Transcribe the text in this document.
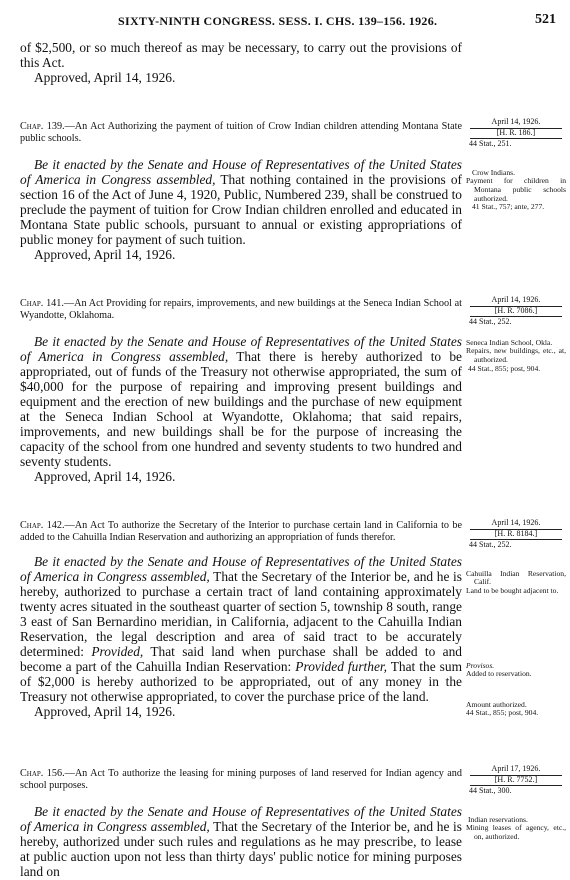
SIXTY-NINTH CONGRESS. SESS. I. CHS. 139–156. 1926.	521

of $2,500, or so much thereof as may be necessary, to carry out the provisions of this Act.

Approved, April 14, 1926.

Chap. 139.—An Act Authorizing the payment of tuition of Crow Indian children attending Montana State public schools.

Be it enacted by the Senate and House of Representatives of the United States of America in Congress assembled, That nothing contained in the provisions of section 16 of the Act of June 4, 1920, Public, Numbered 239, shall be construed to preclude the payment of tuition for Crow Indian children enrolled and educated in Montana State public schools, pursuant to annual or existing appropriations of public money for payment of such tuition.

Approved, April 14, 1926.

April 14, 1926.
[H. R. 186.]
44 Stat., 251.
Crow Indians.
Payment for children in Montana public schools authorized.
41 Stat., 757; ante, 277.
Chap. 141.—An Act Providing for repairs, improvements, and new buildings at the Seneca Indian School at Wyandotte, Oklahoma.

Be it enacted by the Senate and House of Representatives of the United States of America in Congress assembled, That there is hereby authorized to be appropriated, out of funds of the Treasury not otherwise appropriated, the sum of $40,000 for the purpose of repairing and improving present buildings and equipment and the erection of new buildings and the purchase of new equipment at the Seneca Indian School at Wyandotte, Oklahoma; that said repairs, improvements, and new buildings shall be for the purpose of increasing the capacity of the school from one hundred and seventy students to two hundred and seventy students.

Approved, April 14, 1926.

April 14, 1926.
[H. R. 7086.]
44 Stat., 252.
Seneca Indian School, Okla.
Repairs, new buildings, etc., at, authorized.
44 Stat., 855; post, 904.
Chap. 142.—An Act To authorize the Secretary of the Interior to purchase certain land in California to be added to the Cahuilla Indian Reservation and authorizing an appropriation of funds therefor.

Be it enacted by the Senate and House of Representatives of the United States of America in Congress assembled, That the Secretary of the Interior be, and he is hereby, authorized to purchase a certain tract of land containing approximately twenty acres situated in the southeast quarter of section 5, township 8 south, range 3 east of San Bernardino meridian, in California, adjacent to the Cahuilla Indian Reservation, the legal description and area of said tract to be accurately determined: Provided, That said land when purchase shall be added to and become a part of the Cahuilla Indian Reservation: Provided further, That the sum of $2,000 is hereby authorized to be appropriated, out of any money in the Treasury not otherwise appropriated, to cover the purchase price of the land.

Approved, April 14, 1926.

April 14, 1926.
[H. R. 8184.]
44 Stat., 252.
Cahuilla Indian Reservation, Calif.
Land to be bought adjacent to.
Provisos.
Added to reservation.
Amount authorized.
44 Stat., 855; post, 904.
Chap. 156.—An Act To authorize the leasing for mining purposes of land reserved for Indian agency and school purposes.

Be it enacted by the Senate and House of Representatives of the United States of America in Congress assembled, That the Secretary of the Interior be, and he is hereby, authorized under such rules and regulations as he may prescribe, to lease at public auction upon not less than thirty days' public notice for mining purposes land on

April 17, 1926.
[H. R. 7752.]
44 Stat., 300.
Indian reservations.
Mining leases of agency, etc., on, authorized.
